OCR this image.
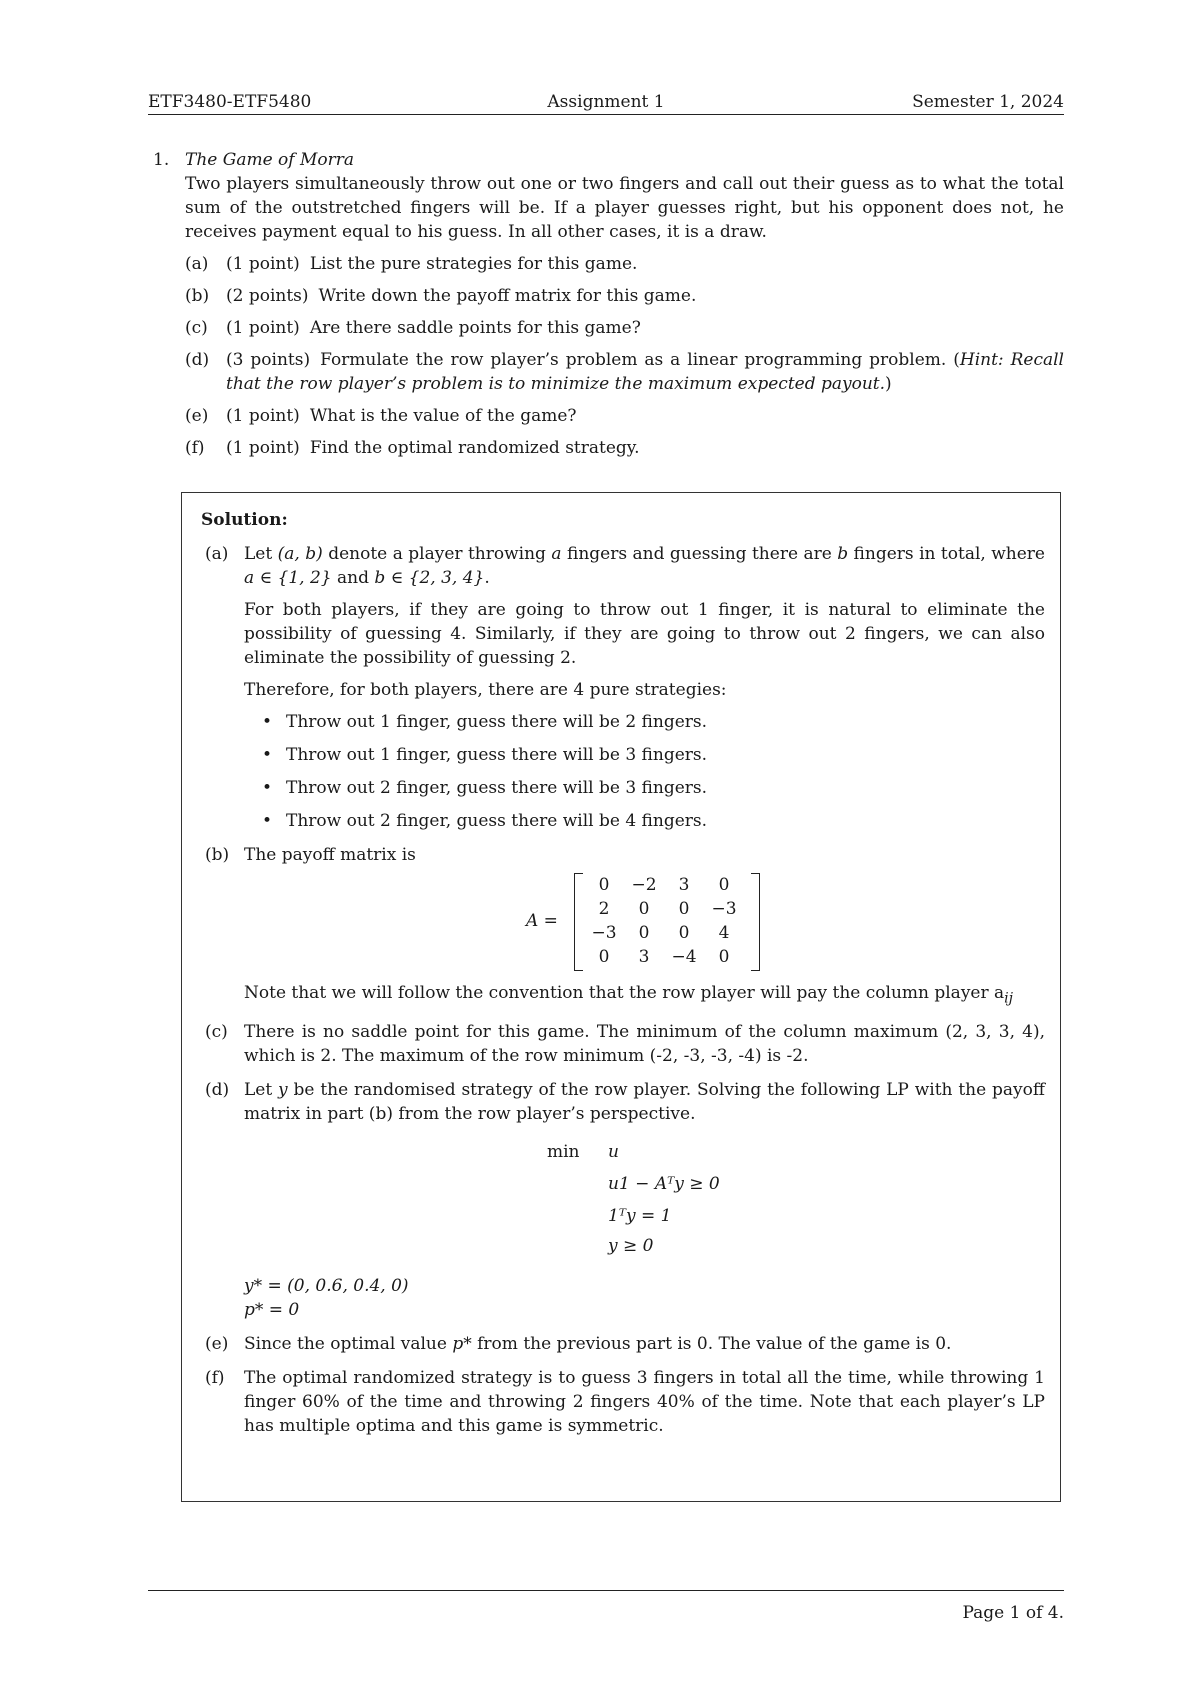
ETF3480-ETF5480	Assignment 1	Semester 1, 2024
1. The Game of Morra
Two players simultaneously throw out one or two fingers and call out their guess as to what the total sum of the outstretched fingers will be. If a player guesses right, but his opponent does not, he receives payment equal to his guess. In all other cases, it is a draw.
(a) (1 point) List the pure strategies for this game.
(b) (2 points) Write down the payoff matrix for this game.
(c) (1 point) Are there saddle points for this game?
(d) (3 points) Formulate the row player’s problem as a linear programming problem. (Hint: Recall that the row player’s problem is to minimize the maximum expected payout.)
(e) (1 point) What is the value of the game?
(f) (1 point) Find the optimal randomized strategy.
Solution:
(a) Let (a, b) denote a player throwing a fingers and guessing there are b fingers in total, where a ∈ {1, 2} and b ∈ {2, 3, 4}.

For both players, if they are going to throw out 1 finger, it is natural to eliminate the possibility of guessing 4. Similarly, if they are going to throw out 2 fingers, we can also eliminate the possibility of guessing 2.

Therefore, for both players, there are 4 pure strategies:

• Throw out 1 finger, guess there will be 2 fingers.
• Throw out 1 finger, guess there will be 3 fingers.
• Throw out 2 finger, guess there will be 3 fingers.
• Throw out 2 finger, guess there will be 4 fingers.
(b) The payoff matrix is
A =
0	−2	3	0
2	0	0	−3
−3	0	0	4
0	3	−4	0
Note that we will follow the convention that the row player will pay the column player $a_{ij}$
(c) There is no saddle point for this game. The minimum of the column maximum (2, 3, 3, 4), which is 2. The maximum of the row minimum (-2, -3, -3, -4) is -2.
(d) Let y be the randomised strategy of the row player. Solving the following LP with the payoff matrix in part (b) from the row player’s perspective.
min u
u1 − Aᵀy ≥ 0
1ᵀy = 1
y ≥ 0
y* = (0, 0.6, 0.4, 0)
p* = 0
(e) Since the optimal value p* from the previous part is 0. The value of the game is 0.
(f) The optimal randomized strategy is to guess 3 fingers in total all the time, while throwing 1 finger 60% of the time and throwing 2 fingers 40% of the time. Note that each player’s LP has multiple optima and this game is symmetric.
Page 1 of 4.
